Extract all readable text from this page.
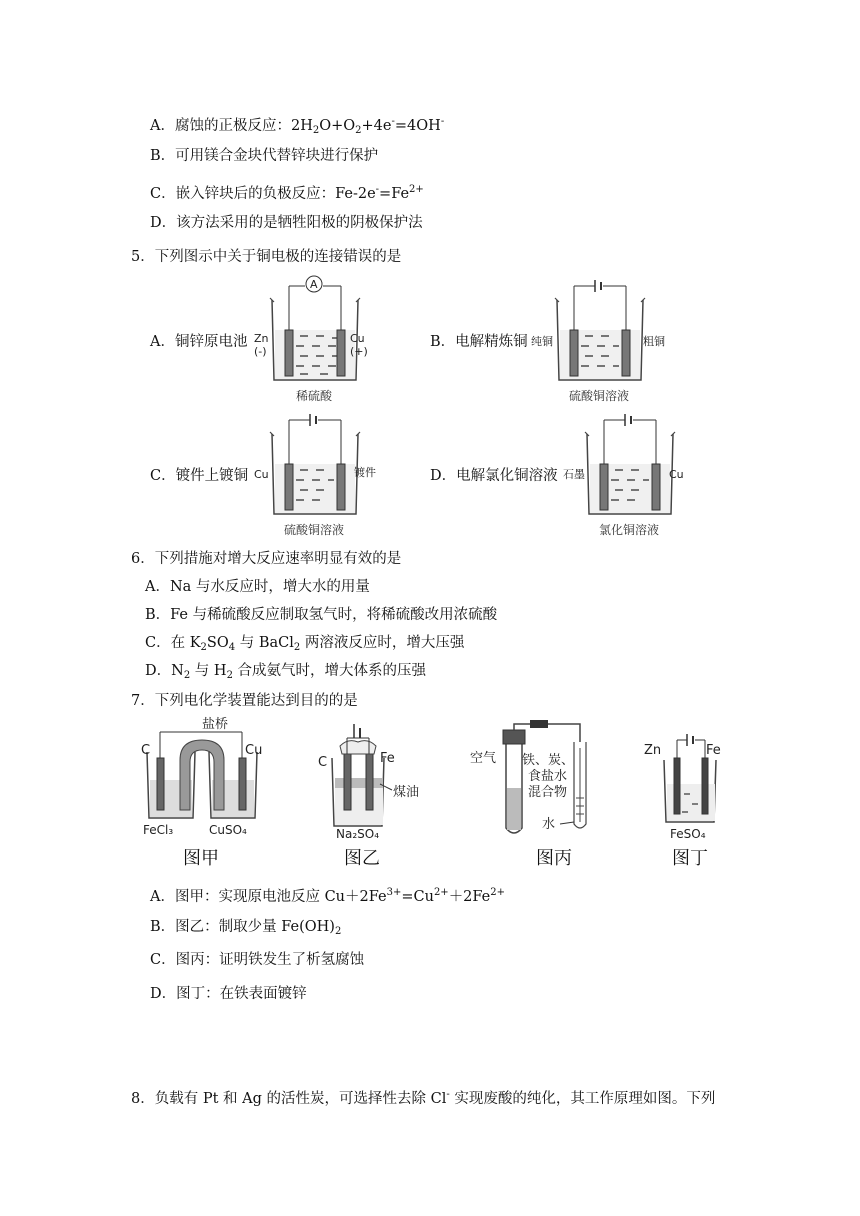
A．腐蚀的正极反应：$2H_2O+O_2+4e^-=4OH^-$
B．可用镁合金块代替锌块进行保护
C．嵌入锌块后的负极反应：$Fe-2e^-=Fe^{2+}$
D．该方法采用的是牺牲阳极的阴极保护法
5．下列图示中关于铜电极的连接错误的是
A．铜锌原电池	B．电解精炼铜
C．镀件上镀铜	D．电解氯化铜溶液
A
Zn
(-)
Cu
(+)
稀硫酸
纯铜	粗铜
硫酸铜溶液
Cu	镀件
硫酸铜溶液
石墨	Cu
氯化铜溶液
6．下列措施对增大反应速率明显有效的是
A．Na 与水反应时，增大水的用量
B．Fe 与稀硫酸反应制取氢气时，将稀硫酸改用浓硫酸
C．在 $K_2SO_4$ 与 BaCl$_2$ 两溶液反应时，增大压强
D．$N_2$ 与 $H_2$ 合成氨气时，增大体系的压强
7．下列电化学装置能达到目的的是
盐桥
C	Cu
FeCl₃	CuSO₄
图甲
C	Fe
煤油
Na₂SO₄
图乙
空气 铁、炭、
食盐水
混合物
水
图丙
Zn	Fe
FeSO₄
图丁
A．图甲：实现原电池反应 $Cu+2Fe^{3+}=Cu^{2+}+2Fe^{2+}$
B．图乙：制取少量 $Fe(OH)_2$
C．图丙：证明铁发生了析氢腐蚀
D．图丁：在铁表面镀锌
8．负载有 Pt 和 Ag 的活性炭，可选择性去除 Cl- 实现废酸的纯化，其工作原理如图。下列
